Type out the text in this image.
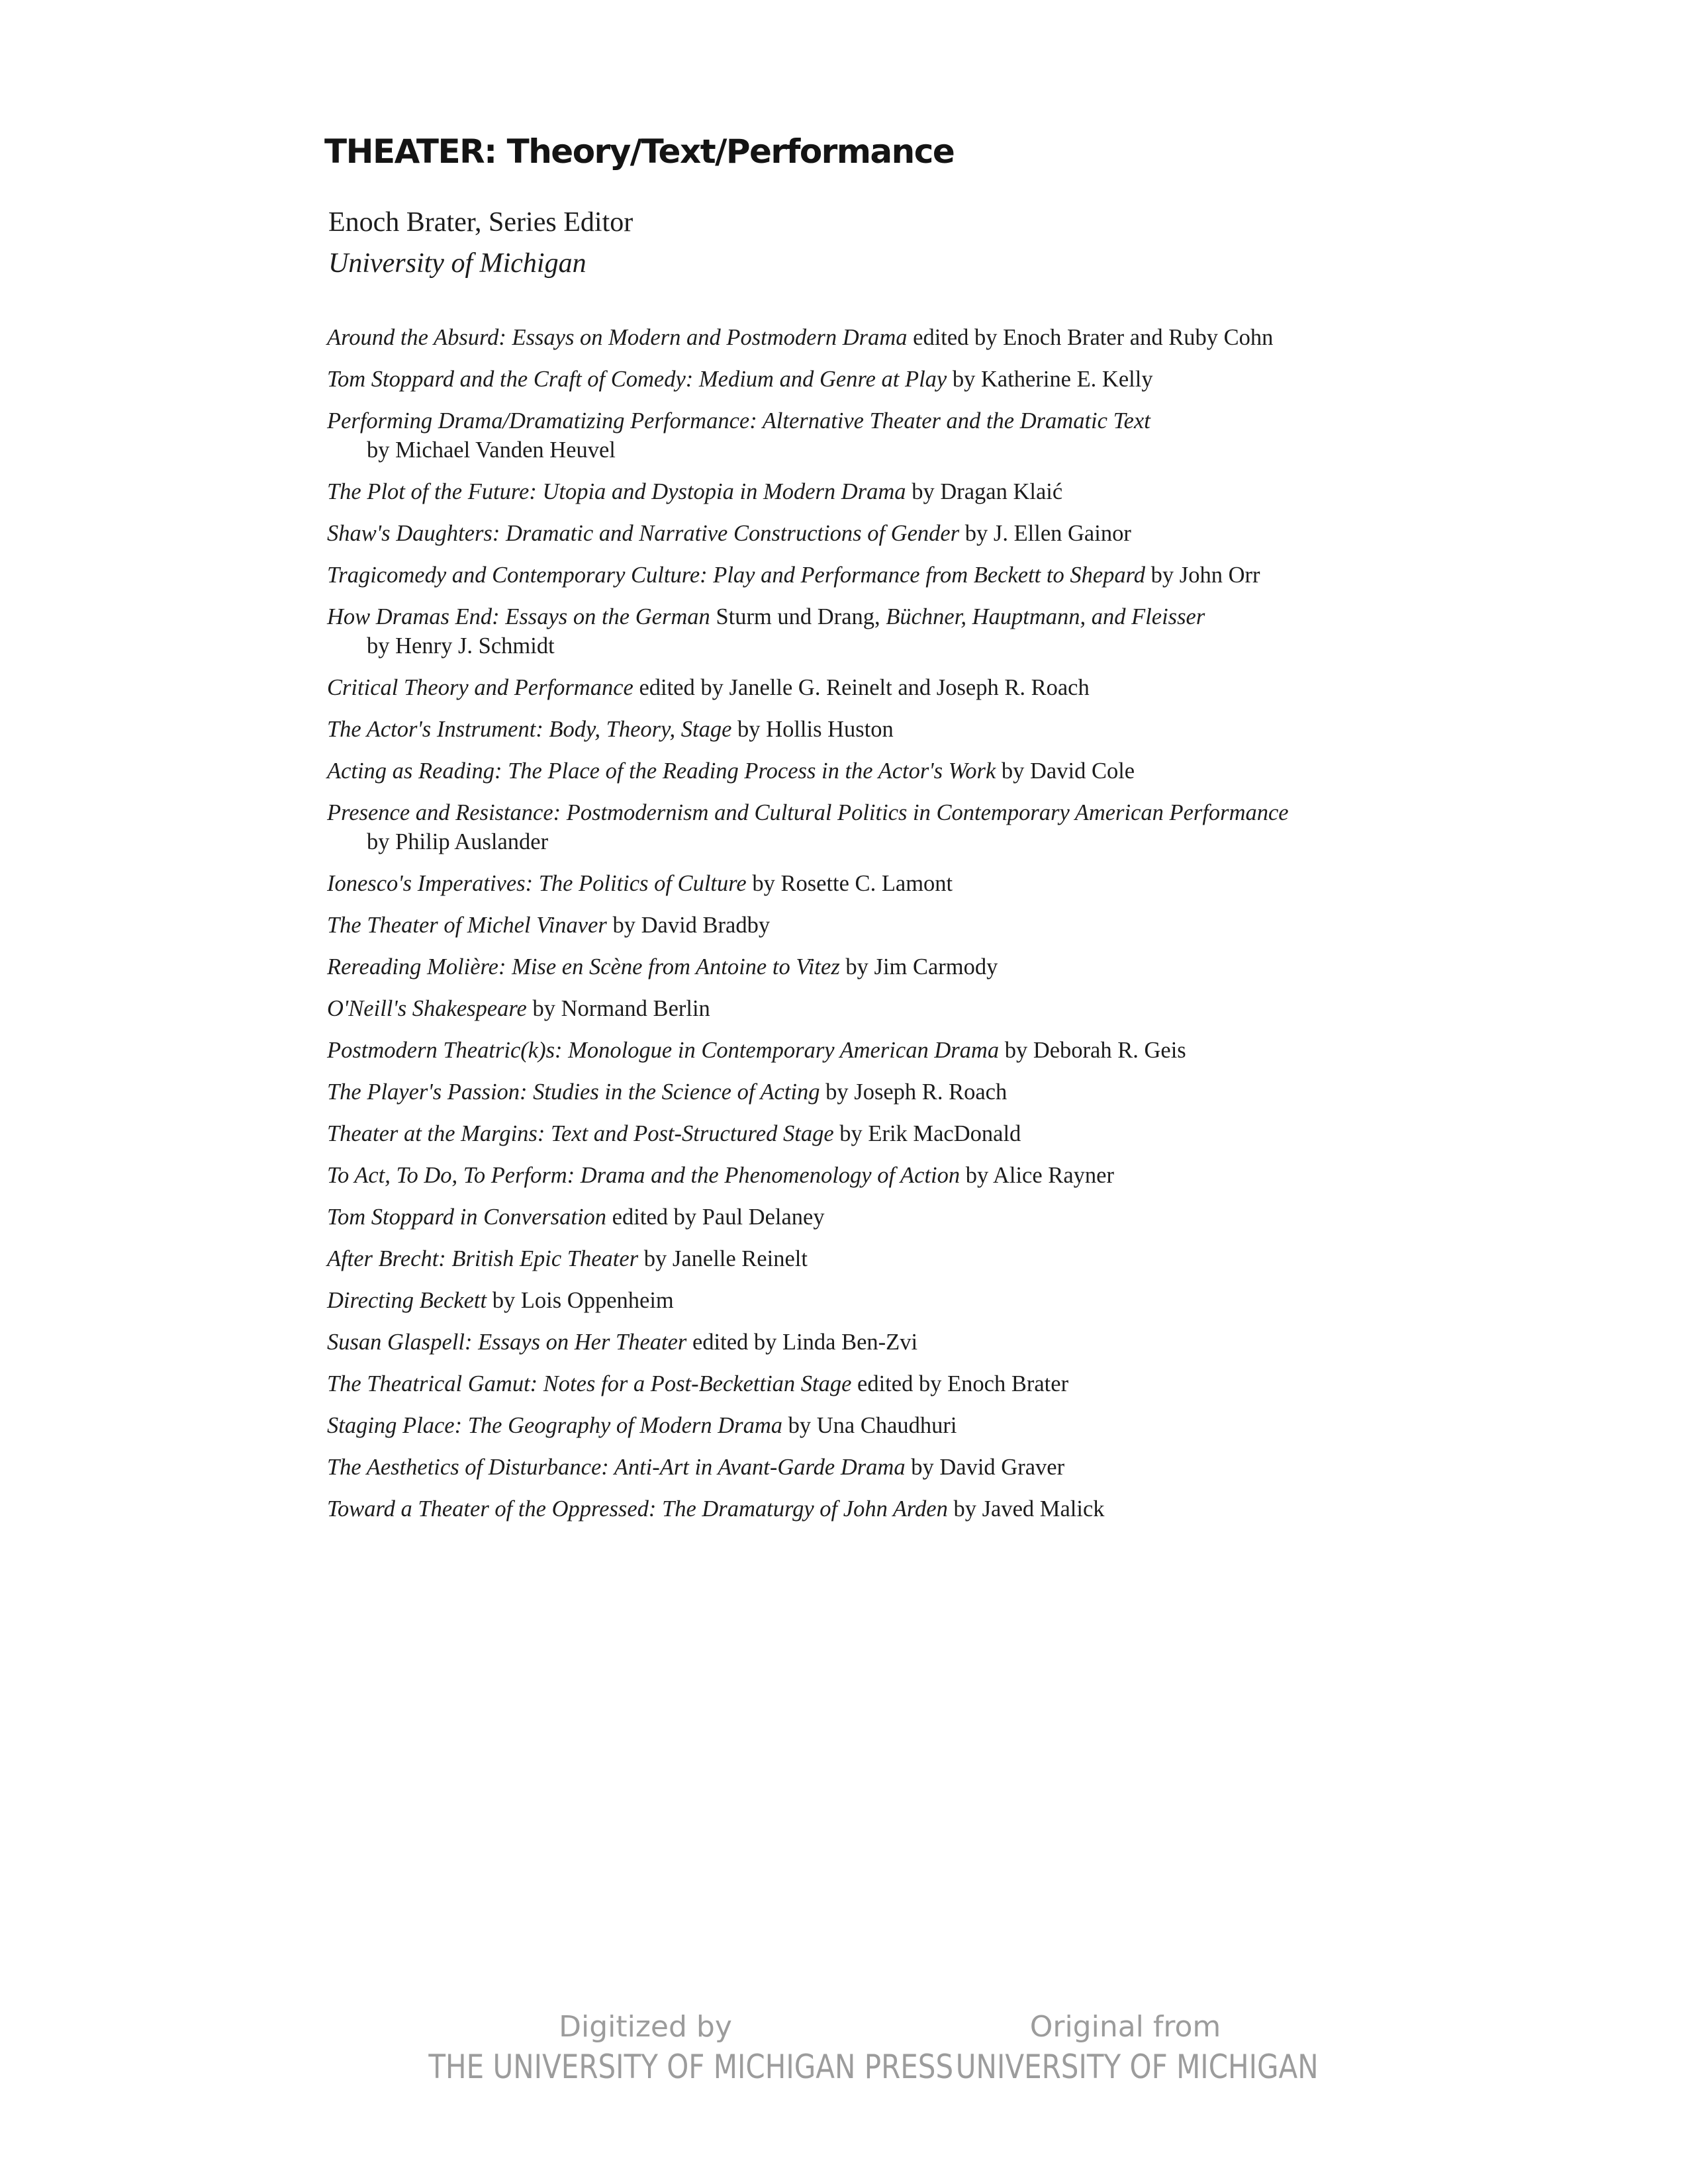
THEATER: Theory/Text/Performance
Enoch Brater, Series Editor
University of Michigan
Around the Absurd: Essays on Modern and Postmodern Drama edited by Enoch Brater and Ruby Cohn
Tom Stoppard and the Craft of Comedy: Medium and Genre at Play by Katherine E. Kelly
Performing Drama/Dramatizing Performance: Alternative Theater and the Dramatic Text
by Michael Vanden Heuvel
The Plot of the Future: Utopia and Dystopia in Modern Drama by Dragan Klaić
Shaw's Daughters: Dramatic and Narrative Constructions of Gender by J. Ellen Gainor
Tragicomedy and Contemporary Culture: Play and Performance from Beckett to Shepard by John Orr
How Dramas End: Essays on the German Sturm und Drang, Büchner, Hauptmann, and Fleisser
by Henry J. Schmidt
Critical Theory and Performance edited by Janelle G. Reinelt and Joseph R. Roach
The Actor's Instrument: Body, Theory, Stage by Hollis Huston
Acting as Reading: The Place of the Reading Process in the Actor's Work by David Cole
Presence and Resistance: Postmodernism and Cultural Politics in Contemporary American Performance
by Philip Auslander
Ionesco's Imperatives: The Politics of Culture by Rosette C. Lamont
The Theater of Michel Vinaver by David Bradby
Rereading Molière: Mise en Scène from Antoine to Vitez by Jim Carmody
O'Neill's Shakespeare by Normand Berlin
Postmodern Theatric(k)s: Monologue in Contemporary American Drama by Deborah R. Geis
The Player's Passion: Studies in the Science of Acting by Joseph R. Roach
Theater at the Margins: Text and Post-Structured Stage by Erik MacDonald
To Act, To Do, To Perform: Drama and the Phenomenology of Action by Alice Rayner
Tom Stoppard in Conversation edited by Paul Delaney
After Brecht: British Epic Theater by Janelle Reinelt
Directing Beckett by Lois Oppenheim
Susan Glaspell: Essays on Her Theater edited by Linda Ben-Zvi
The Theatrical Gamut: Notes for a Post-Beckettian Stage edited by Enoch Brater
Staging Place: The Geography of Modern Drama by Una Chaudhuri
The Aesthetics of Disturbance: Anti-Art in Avant-Garde Drama by David Graver
Toward a Theater of the Oppressed: The Dramaturgy of John Arden by Javed Malick
Digitized by
THE UNIVERSITY OF MICHIGAN PRESS
Original from
UNIVERSITY OF MICHIGAN
